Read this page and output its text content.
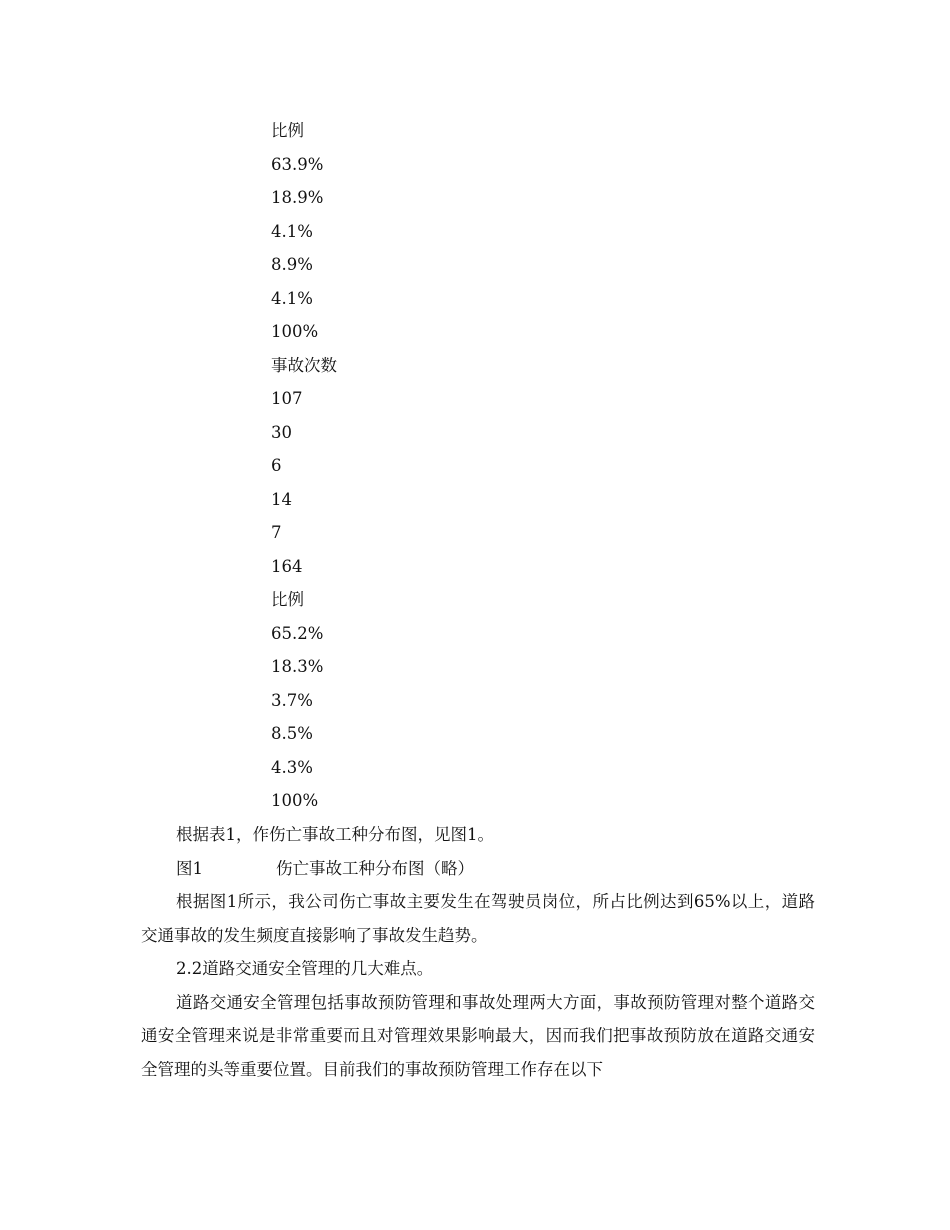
比例
63.9%
18.9%
4.1%
8.9%
4.1%
100%
事故次数
107
30
6
14
7
164
比例
65.2%
18.3%
3.7%
8.5%
4.3%
100%

根据表1，作伤亡事故工种分布图，见图1。

图1	伤亡事故工种分布图（略）

根据图1所示，我公司伤亡事故主要发生在驾驶员岗位，所占比例达到65%以上，道路交通事故的发生频度直接影响了事故发生趋势。

2.2道路交通安全管理的几大难点。

道路交通安全管理包括事故预防管理和事故处理两大方面，事故预防管理对整个道路交通安全管理来说是非常重要而且对管理效果影响最大，因而我们把事故预防放在道路交通安全管理的头等重要位置。目前我们的事故预防管理工作存在以下
